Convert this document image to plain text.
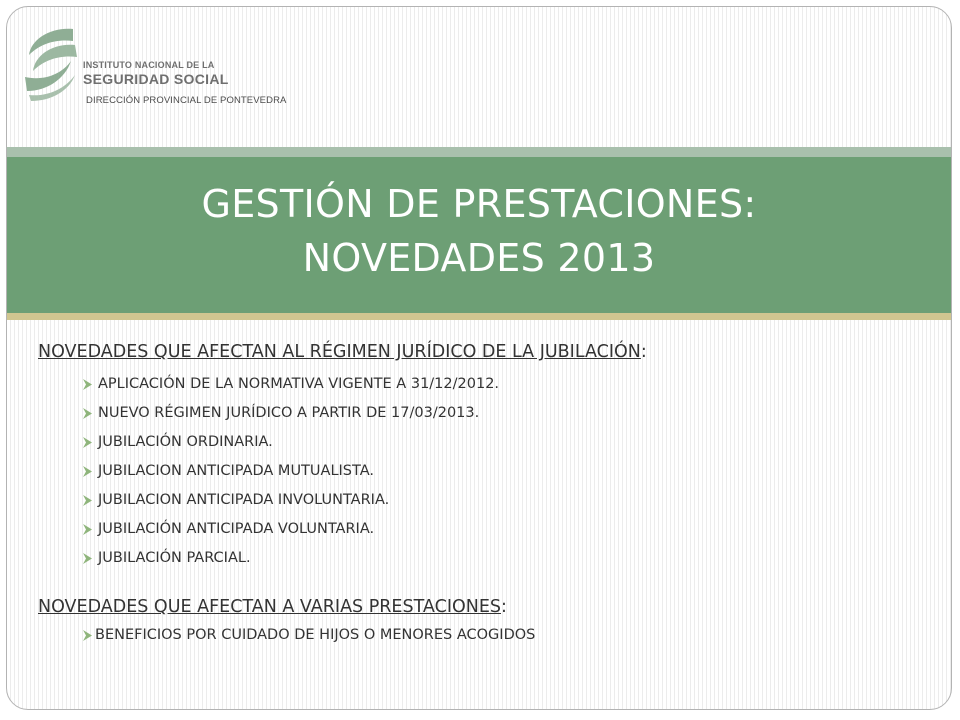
INSTITUTO NACIONAL DE LA
SEGURIDAD SOCIAL
DIRECCIÓN PROVINCIAL DE PONTEVEDRA
GESTIÓN DE PRESTACIONES:
NOVEDADES 2013

NOVEDADES QUE AFECTAN AL RÉGIMEN JURÍDICO DE LA JUBILACIÓN:

APLICACIÓN DE LA NORMATIVA VIGENTE A 31/12/2012.
NUEVO RÉGIMEN JURÍDICO A PARTIR DE 17/03/2013.
JUBILACIÓN ORDINARIA.
JUBILACION ANTICIPADA MUTUALISTA.
JUBILACION ANTICIPADA INVOLUNTARIA.
JUBILACIÓN ANTICIPADA VOLUNTARIA.
JUBILACIÓN PARCIAL.

NOVEDADES QUE AFECTAN A VARIAS PRESTACIONES:

BENEFICIOS POR CUIDADO DE HIJOS O MENORES ACOGIDOS
